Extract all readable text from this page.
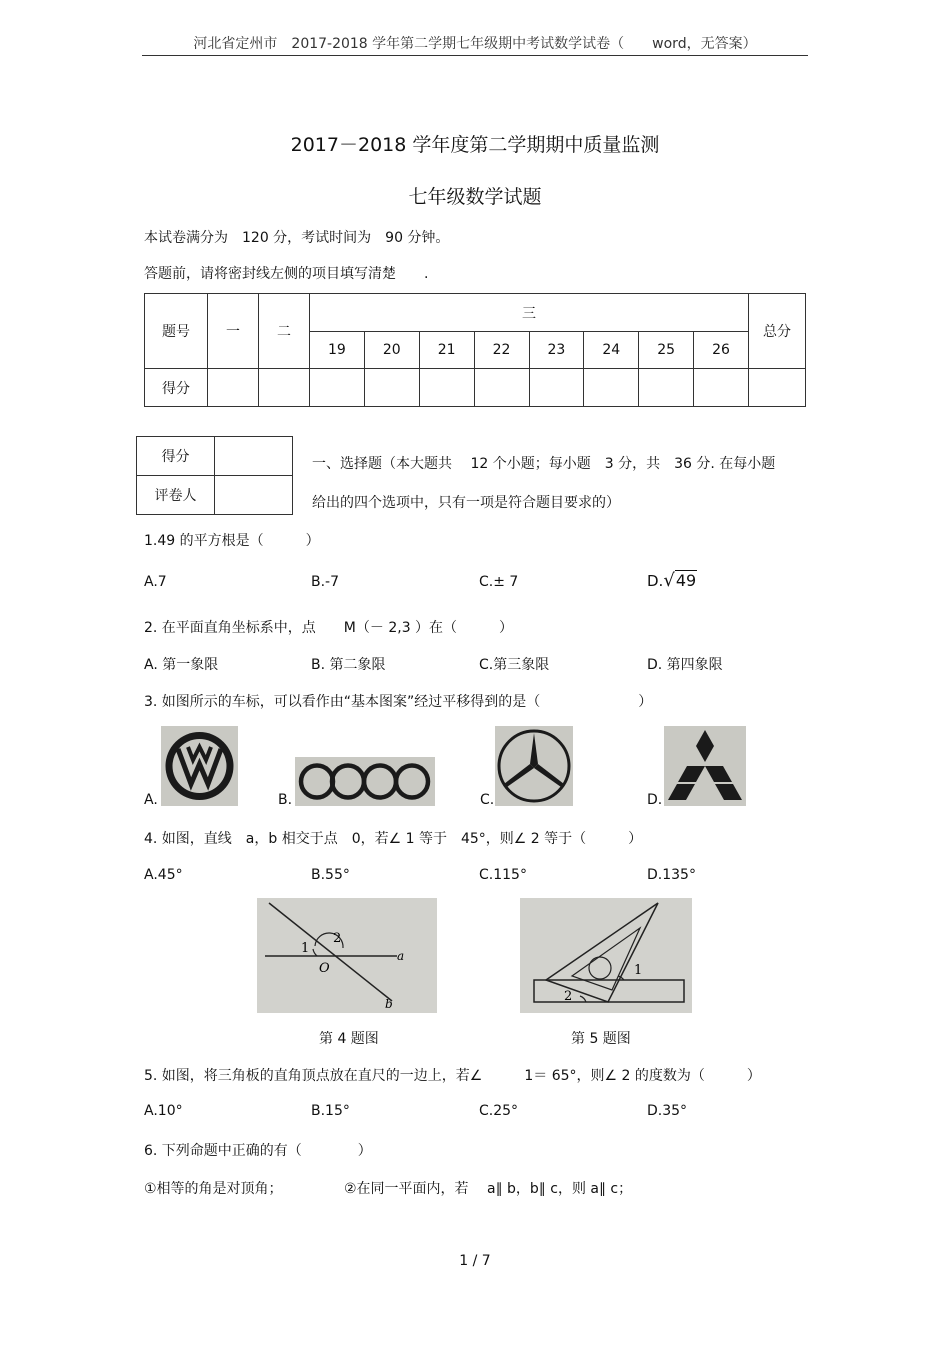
河北省定州市　2017-2018 学年第二学期七年级期中考试数学试卷（　　word，无答案）
2017－2018 学年度第二学期期中质量监测
七年级数学试题
本试卷满分为　120 分，考试时间为　90 分钟。
答题前，请将密封线左侧的项目填写清楚　　.
题号	一	二	三								总分
			19	20	21	22	23	24	25	26	
得分											
得分	
评卷人	
一、选择题（本大题共　 12 个小题；每小题　3 分，共　36 分. 在每小题
给出的四个选项中，只有一项是符合题目要求的）
1.49 的平方根是（　　　）
A.7	B.-7	C.± 7	D.√49
2. 在平面直角坐标系中，点　　M（－ 2,3 ）在（　　　）
A. 第一象限	B. 第二象限	C.第三象限	D. 第四象限
3. 如图所示的车标，可以看作由“基本图案”经过平移得到的是（　　　　　　　）
A.	B.	C.	D.
4. 如图，直线　a，b 相交于点　0，若∠ 1 等于　45°，则∠ 2 等于（　　　）
A.45°	B.55°	C.115°	D.135°
1
2
O
a
b
1
2
第 4 题图	第 5 题图
5. 如图，将三角板的直角顶点放在直尺的一边上，若∠　　　1＝ 65°，则∠ 2 的度数为（　　　）
A.10°	B.15°	C.25°	D.35°
6. 下列命题中正确的有（　　　　）
①相等的角是对顶角；	②在同一平面内，若　 a∥ b，b∥ c，则 a∥ c；
1 / 7
